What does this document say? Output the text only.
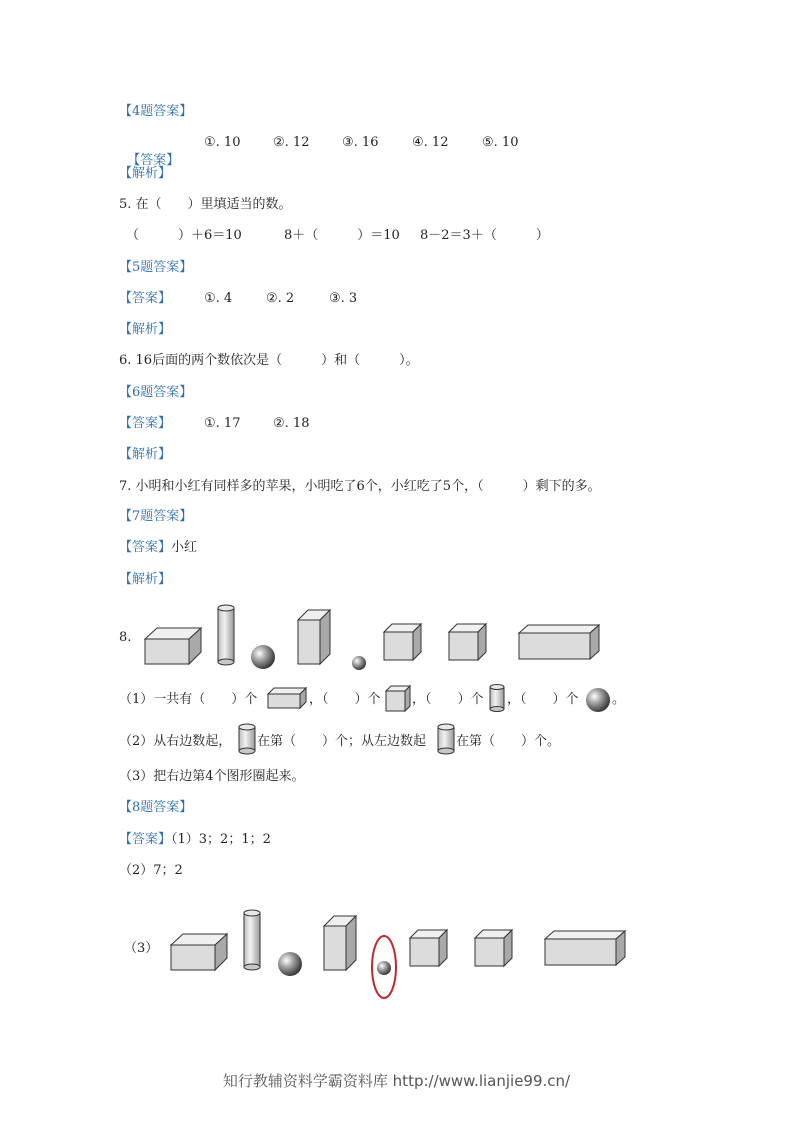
【4题答案】

【答案】

①. 10	②. 12	③. 16	④. 12	⑤. 10
【解析】
5. 在（　　）里填适当的数。
（　　　）＋6＝10	8＋（　　　）＝10 8－2＝3＋（　　　）
【5题答案】
【答案】	①. 4	②. 2	③. 3
【解析】
6. 16后面的两个数依次是（　　　）和（　　　）。
【6题答案】
【答案】	①. 17	②. 18
【解析】
7. 小明和小红有同样多的苹果，小明吃了6个，小红吃了5个，（　　　）剩下的多。
【7题答案】
【答案】小红
【解析】
8.
（1）一共有（　　）个	，（　　）个 ，（　　）个 ，（　　）个	。
（2）从右边数起， 在第（　　）个；从左边数起 在第（　　）个。
（3）把右边第4个图形圈起来。
【8题答案】
【答案】（1）3；2；1；2
（2）7；2
（3）
知行教辅资料学霸资料库 http://www.lianjie99.cn/
